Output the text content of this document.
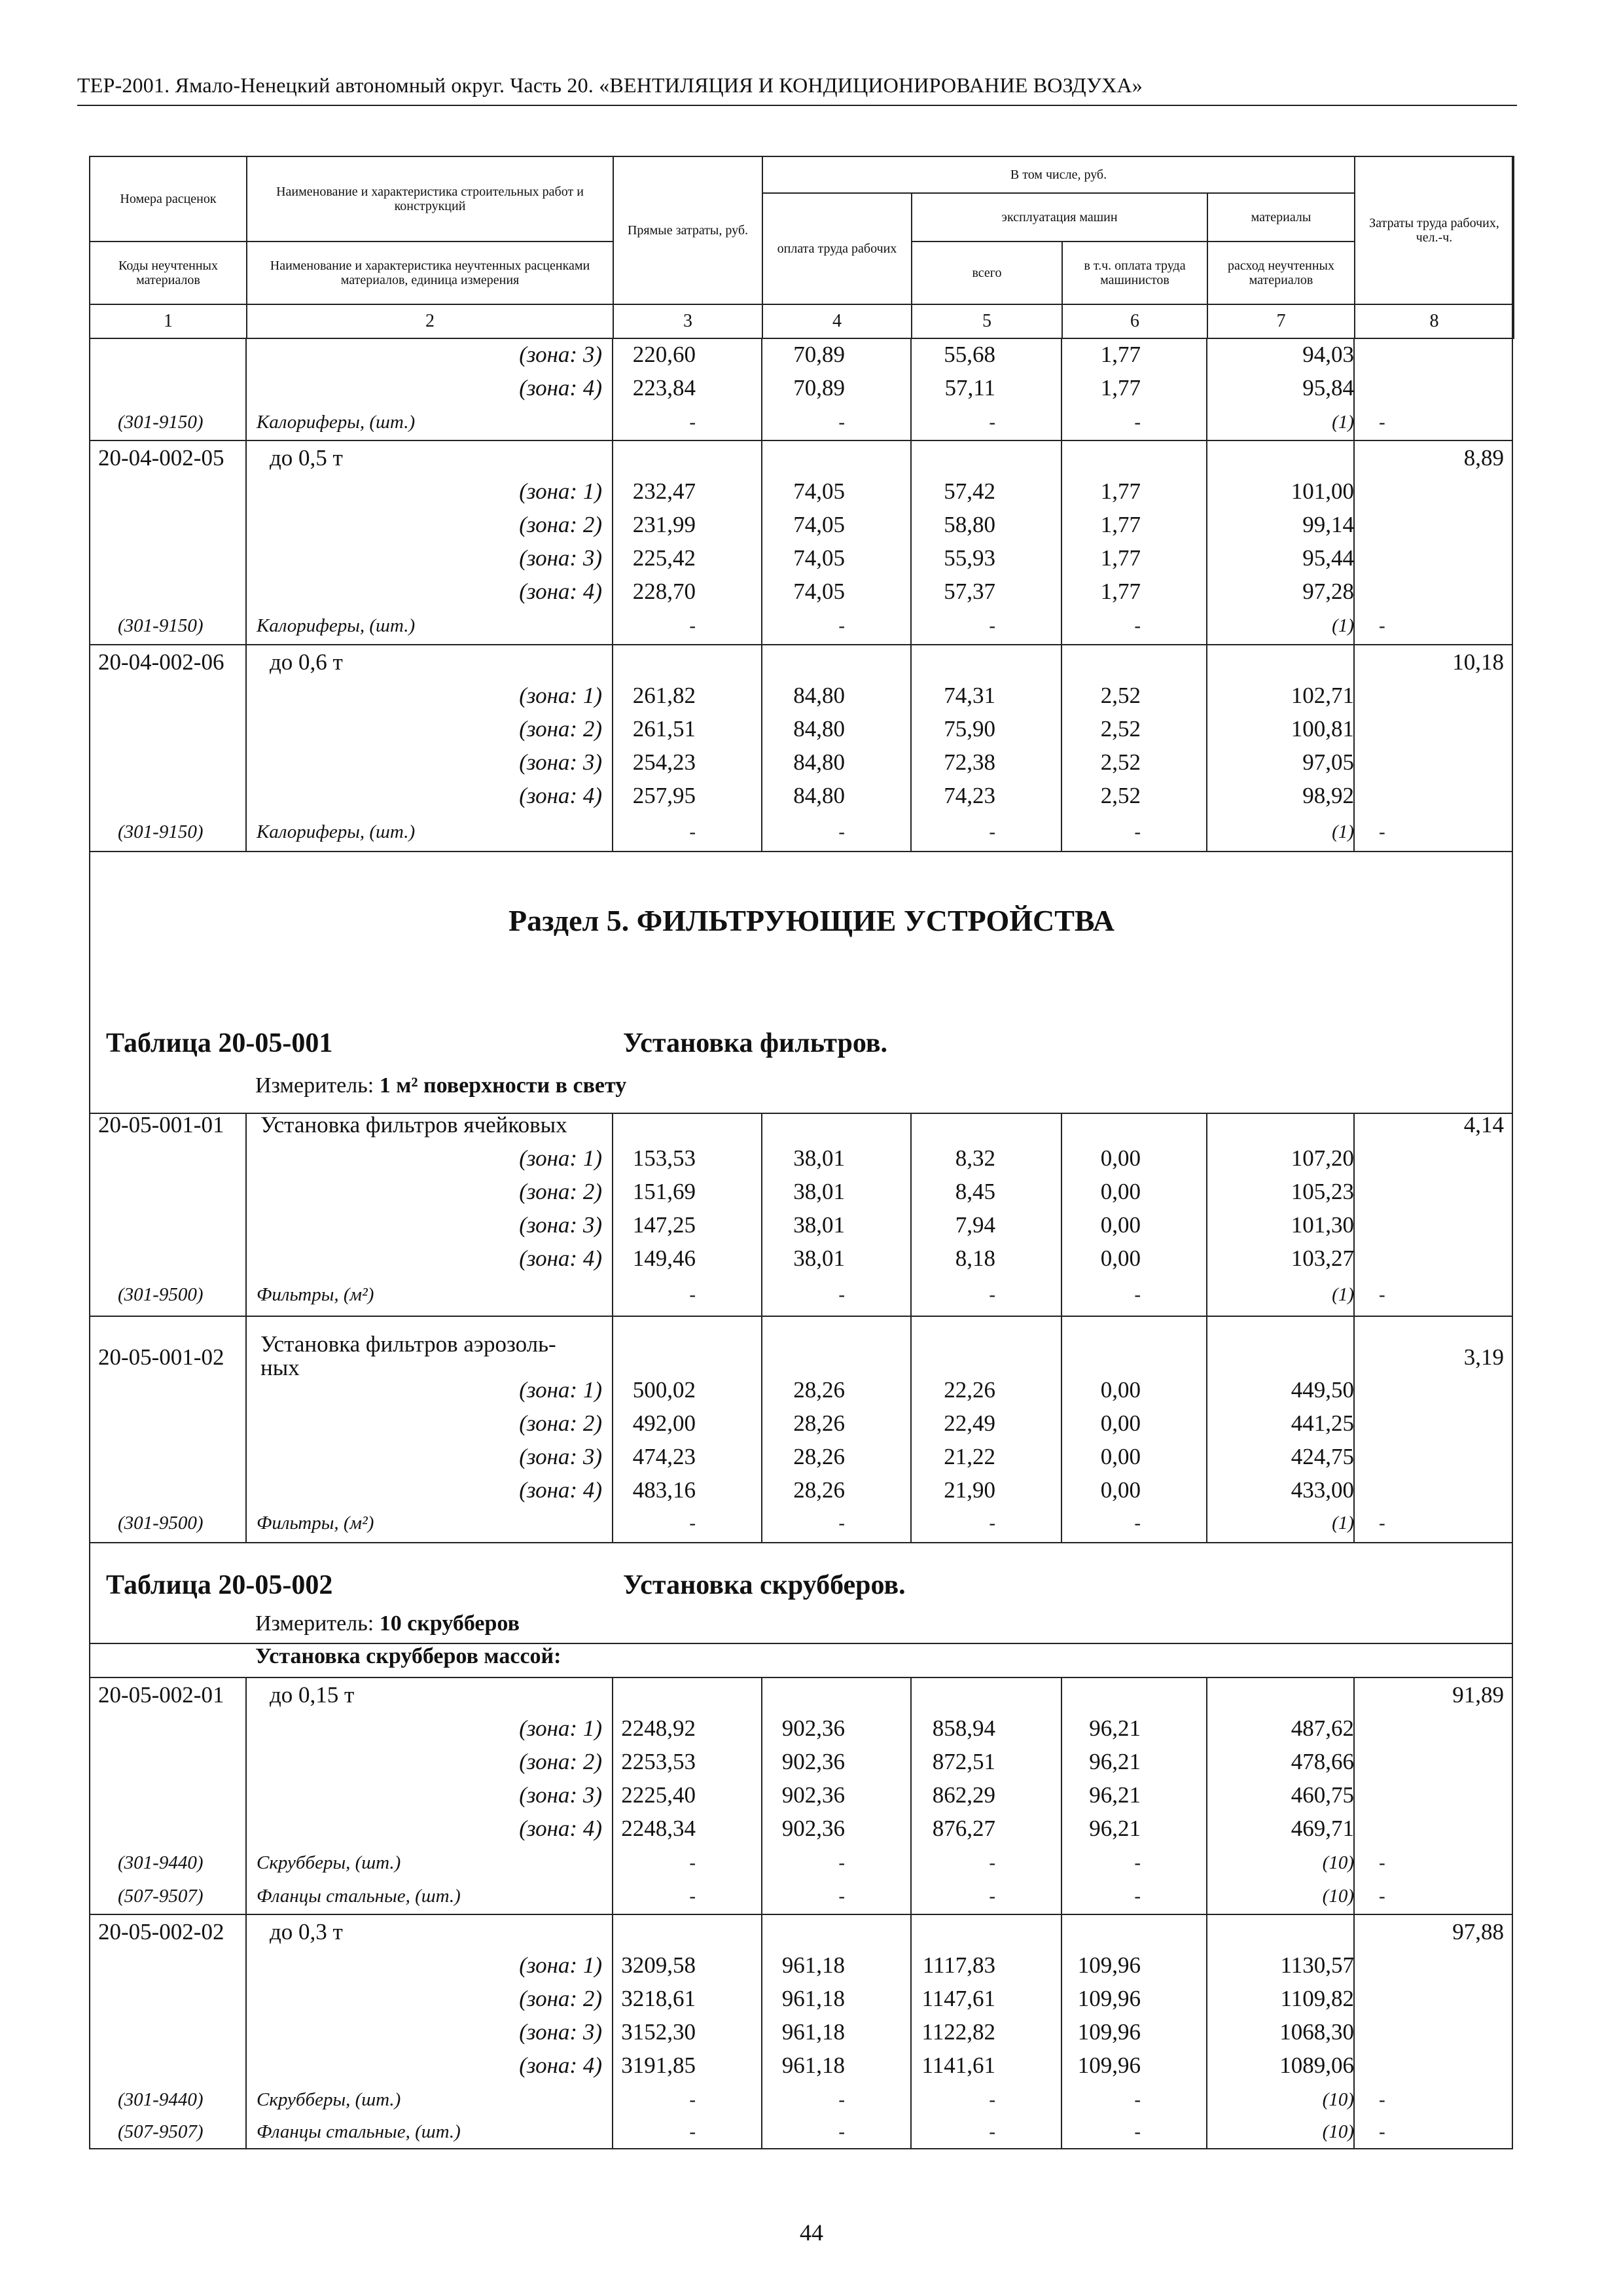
ТЕР-2001. Ямало-Ненецкий автономный округ. Часть 20. «ВЕНТИЛЯЦИЯ И КОНДИЦИОНИРОВАНИЕ ВОЗДУХА»
Номера расценок	Наименование и характеристика строительных работ и конструкций	Прямые затраты, руб.	В том числе, руб.				Затраты труда рабочих, чел.-ч.
			оплата труда рабочих	эксплуатация машин		материалы	
Коды неучтенных материалов	Наименование и характеристика неучтенных расценками материалов, единица измерения			всего	в т.ч. оплата труда машинистов	расход неучтенных материалов	
1	2	3	4	5	6	7	8
(зона: 3) 220,60	70,89	55,68	1,77	94,03
(зона: 4) 223,84	70,89	57,11	1,77	95,84
(301-9150)	Калориферы, (шт.)	-	-	-	-	(1) -
20-04-002-05 до 0,5 т	8,89
(зона: 1) 232,47	74,05	57,42	1,77	101,00
(зона: 2) 231,99	74,05	58,80	1,77	99,14
(зона: 3) 225,42	74,05	55,93	1,77	95,44
(зона: 4) 228,70	74,05	57,37	1,77	97,28
(301-9150)	Калориферы, (шт.)	-	-	-	-	(1) -
20-04-002-06 до 0,6 т	10,18
(зона: 1) 261,82	84,80	74,31	2,52	102,71
(зона: 2) 261,51	84,80	75,90	2,52	100,81
(зона: 3) 254,23	84,80	72,38	2,52	97,05
(зона: 4) 257,95	84,80	74,23	2,52	98,92
(301-9150)	Калориферы, (шт.)	-	-	-	-	(1) -
Раздел 5. ФИЛЬТРУЮЩИЕ УСТРОЙСТВА
Таблица 20-05-001	Установка фильтров.
Измеритель: 1 м² поверхности в свету
20-05-001-01 Установка фильтров ячейковых	4,14
(зона: 1) 153,53	38,01	8,32	0,00	107,20
(зона: 2) 151,69	38,01	8,45	0,00	105,23
(зона: 3) 147,25	38,01	7,94	0,00	101,30
(зона: 4) 149,46	38,01	8,18	0,00	103,27
(301-9500)	Фильтры, (м²)	-	-	-	-	(1) -
20-05-001-02
Установка фильтров аэрозоль-
ных	3,19
(зона: 1) 500,02	28,26	22,26	0,00	449,50
(зона: 2) 492,00	28,26	22,49	0,00	441,25
(зона: 3) 474,23	28,26	21,22	0,00	424,75
(зона: 4) 483,16	28,26	21,90	0,00	433,00
(301-9500)	Фильтры, (м²)	-	-	-	-	(1) -
Таблица 20-05-002	Установка скрубберов.
Измеритель: 10 скрубберов
Установка скрубберов массой:
20-05-002-01 до 0,15 т	91,89
(зона: 1) 2248,92	902,36	858,94	96,21	487,62
(зона: 2) 2253,53	902,36	872,51	96,21	478,66
(зона: 3) 2225,40	902,36	862,29	96,21	460,75
(зона: 4) 2248,34	902,36	876,27	96,21	469,71
(301-9440)	Скрубберы, (шт.)	-	-	-	-	(10) -
(507-9507)	Фланцы стальные, (шт.)	-	-	-	-	(10) -
20-05-002-02 до 0,3 т	97,88
(зона: 1) 3209,58	961,18	1117,83	109,96	1130,57
(зона: 2) 3218,61	961,18	1147,61	109,96	1109,82
(зона: 3) 3152,30	961,18	1122,82	109,96	1068,30
(зона: 4) 3191,85	961,18	1141,61	109,96	1089,06
(301-9440)	Скрубберы, (шт.)	-	-	-	-	(10) -
(507-9507)	Фланцы стальные, (шт.)	-	-	-	-	(10) -
44
